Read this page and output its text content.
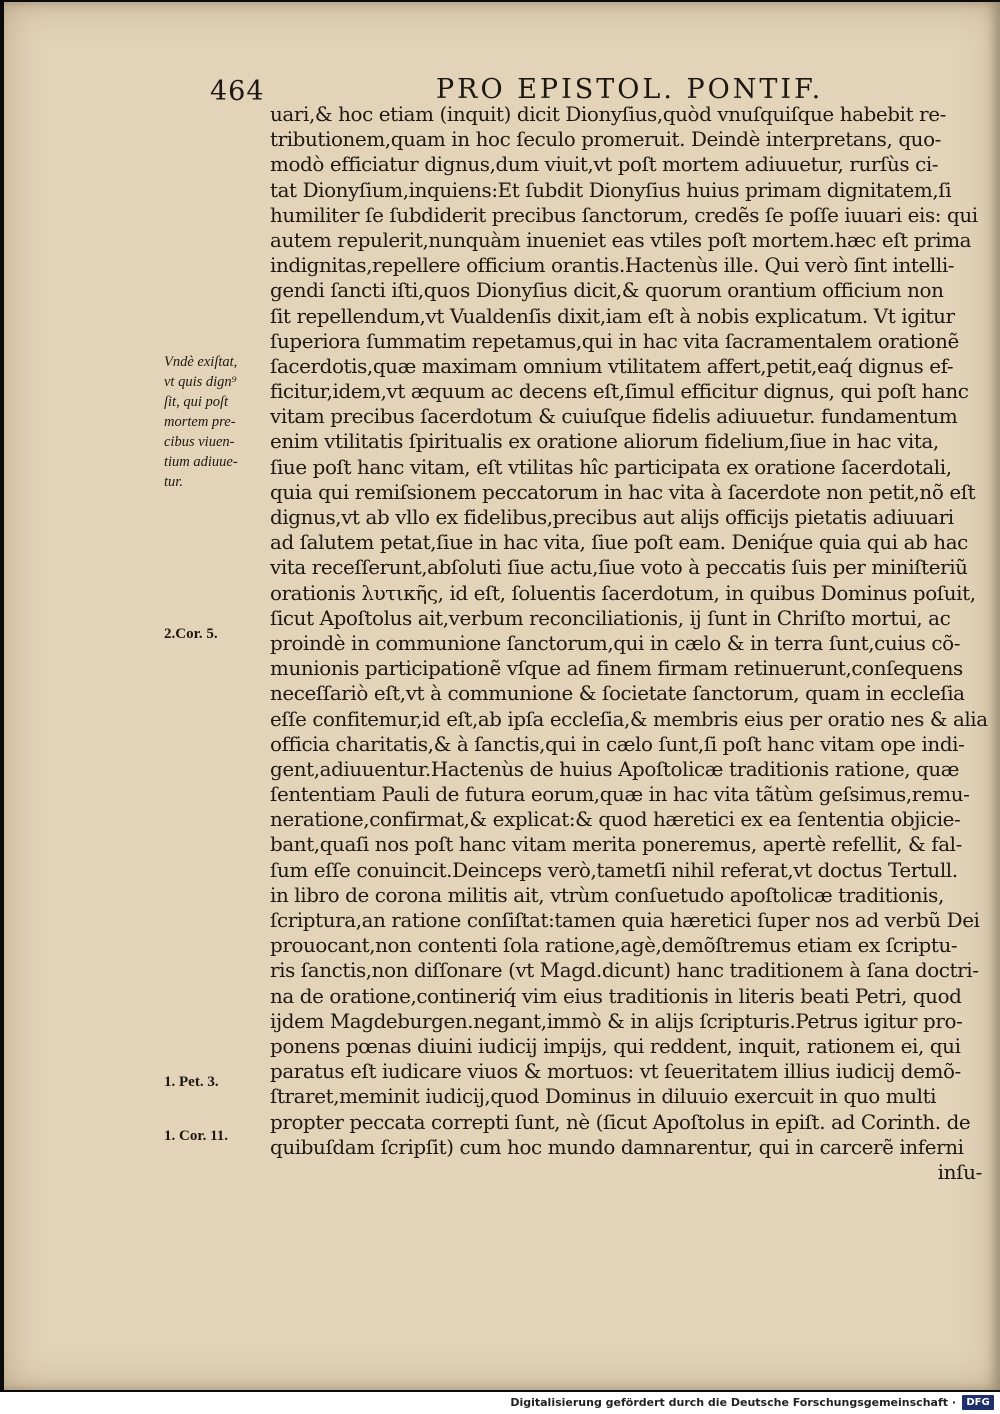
464	PRO EPISTOL. PONTIF.
Vndè exiſtat,
vt quis dign⁹
ſit, qui poſt
mortem pre-
cibus viuen-
tium adiuue-
tur.
2.Cor. 5.
1. Pet. 3.
1. Cor. 11.
uari,& hoc etiam (inquit) dicit Dionyſius,quòd vnuſquiſque habebit re-
tributionem,quam in hoc ſeculo promeruit. Deindè interpretans, quo-
modò efficiatur dignus,dum viuit,vt poſt mortem adiuuetur, rurſùs ci-
tat Dionyſium,inquiens:Et ſubdit Dionyſius huius primam dignitatem,ſi
humiliter ſe ſubdiderit precibus ſanctorum, credẽs ſe poſſe iuuari eis: qui
autem repulerit,nunquàm inueniet eas vtiles poſt mortem.hæc eſt prima
indignitas,repellere officium orantis.Hactenùs ille. Qui verò ſint intelli-
gendi ſancti iſti,quos Dionyſius dicit,& quorum orantium officium non
ſit repellendum,vt Vualdenſis dixit,iam eſt à nobis explicatum. Vt igitur
ſuperiora ſummatim repetamus,qui in hac vita ſacramentalem orationẽ
ſacerdotis,quæ maximam omnium vtilitatem affert,petit,eaq́ dignus ef-
ficitur,idem,vt æquum ac decens eſt,ſimul efficitur dignus, qui poſt hanc
vitam precibus ſacerdotum & cuiuſque fidelis adiuuetur. fundamentum
enim vtilitatis ſpiritualis ex oratione aliorum fidelium,ſiue in hac vita,
ſiue poſt hanc vitam, eſt vtilitas hîc participata ex oratione ſacerdotali,
quia qui remiſsionem peccatorum in hac vita à ſacerdote non petit,nõ eſt
dignus,vt ab vllo ex fidelibus,precibus aut alijs officijs pietatis adiuuari
ad ſalutem petat,ſiue in hac vita, ſiue poſt eam. Deniq́ue quia qui ab hac
vita receſſerunt,abſoluti ſiue actu,ſiue voto à peccatis ſuis per miniſteriũ
orationis λυτικῆς, id eſt, ſoluentis ſacerdotum, in quibus Dominus poſuit,
ſicut Apoſtolus ait,verbum reconciliationis, ij ſunt in Chriſto mortui, ac
proindè in communione ſanctorum,qui in cælo & in terra ſunt,cuius cõ-
munionis participationẽ vſque ad finem firmam retinuerunt,conſequens
neceſſariò eſt,vt à communione & ſocietate ſanctorum, quam in eccleſia
eſſe confitemur,id eſt,ab ipſa eccleſia,& membris eius per oratio nes & alia
officia charitatis,& à ſanctis,qui in cælo ſunt,ſi poſt hanc vitam ope indi-
gent,adiuuentur.Hactenùs de huius Apoſtolicæ traditionis ratione, quæ
ſententiam Pauli de futura eorum,quæ in hac vita tãtùm geſsimus,remu-
neratione,confirmat,& explicat:& quod hæretici ex ea ſententia objicie-
bant,quaſi nos poſt hanc vitam merita poneremus, apertè refellit, & fal-
ſum eſſe conuincit.Deinceps verò,tametſi nihil referat,vt doctus Tertull.
in libro de corona militis ait, vtrùm conſuetudo apoſtolicæ traditionis,
ſcriptura,an ratione conſiſtat:tamen quia hæretici ſuper nos ad verbũ Dei
prouocant,non contenti ſola ratione,agè,demõſtremus etiam ex ſcriptu-
ris ſanctis,non diſſonare (vt Magd.dicunt) hanc traditionem à ſana doctri-
na de oratione,contineriq́ vim eius traditionis in literis beati Petri, quod
ijdem Magdeburgen.negant,immò & in alijs ſcripturis.Petrus igitur pro-
ponens pœnas diuini iudicij impijs, qui reddent, inquit, rationem ei, qui
paratus eſt iudicare viuos & mortuos: vt ſeueritatem illius iudicij demõ-
ſtraret,meminit iudicij,quod Dominus in diluuio exercuit in quo multi
propter peccata correpti ſunt, nè (ſicut Apoſtolus in epiſt. ad Corinth. de
quibuſdam ſcripſit) cum hoc mundo damnarentur, qui in carcerẽ inferni
inſu-
Digitalisierung gefördert durch die Deutsche Forschungsgemeinschaft ·	DFG
